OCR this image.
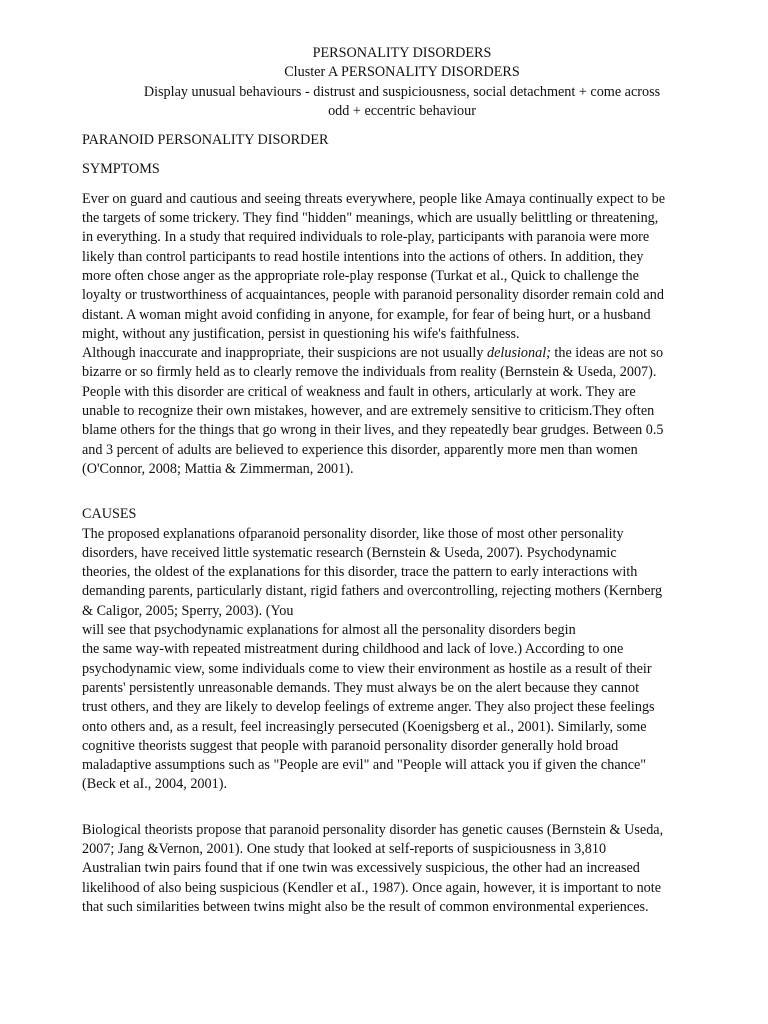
PERSONALITY DISORDERS
Cluster A PERSONALITY DISORDERS
Display unusual behaviours - distrust and suspiciousness, social detachment + come across
odd + eccentric behaviour
PARANOID PERSONALITY DISORDER
SYMPTOMS
Ever on guard and cautious and seeing threats everywhere, people like Amaya continually expect to be
the targets of some trickery. They find "hidden" meanings, which are usually belittling or threatening,
in everything. In a study that required individuals to role-play, participants with paranoia were more
likely than control participants to read hostile intentions into the actions of others. In addition, they
more often chose anger as the appropriate role-play response (Turkat et al., Quick to challenge the
loyalty or trustworthiness of acquaintances, people with paranoid personality disorder remain cold and
distant. A woman might avoid confiding in anyone, for example, for fear of being hurt, or a husband
might, without any justification, persist in questioning his wife's faithfulness.
Although inaccurate and inappropriate, their suspicions are not usually delusional; the ideas are not so
bizarre or so firmly held as to clearly remove the individuals from reality (Bernstein & Useda, 2007).
People with this disorder are critical of weakness and fault in others, articularly at work. They are
unable to recognize their own mistakes, however, and are extremely sensitive to criticism.They often
blame others for the things that go wrong in their lives, and they repeatedly bear grudges. Between 0.5
and 3 percent of adults are believed to experience this disorder, apparently more men than women
(O'Connor, 2008; Mattia & Zimmerman, 2001).
CAUSES
The proposed explanations ofparanoid personality disorder, like those of most other personality
disorders, have received little systematic research (Bernstein & Useda, 2007). Psychodynamic
theories, the oldest of the explanations for this disorder, trace the pattern to early interactions with
demanding parents, particularly distant, rigid fathers and overcontrolling, rejecting mothers (Kernberg
& Caligor, 2005; Sperry, 2003). (You
will see that psychodynamic explanations for almost all the personality disorders begin
the same way-with repeated mistreatment during childhood and lack of love.) According to one
psychodynamic view, some individuals come to view their environment as hostile as a result of their
parents' persistently unreasonable demands. They must always be on the alert because they cannot
trust others, and they are likely to develop feelings of extreme anger. They also project these feelings
onto others and, as a result, feel increasingly persecuted (Koenigsberg et al., 2001). Similarly, some
cognitive theorists suggest that people with paranoid personality disorder generally hold broad
maladaptive assumptions such as "People are evil" and "People will attack you if given the chance"
(Beck et aI., 2004, 2001).
Biological theorists propose that paranoid personality disorder has genetic causes (Bernstein & Useda,
2007; Jang &Vernon, 2001). One study that looked at self-reports of suspiciousness in 3,810
Australian twin pairs found that if one twin was excessively suspicious, the other had an increased
likelihood of also being suspicious (Kendler et aI., 1987). Once again, however, it is important to note
that such similarities between twins might also be the result of common environmental experiences.
